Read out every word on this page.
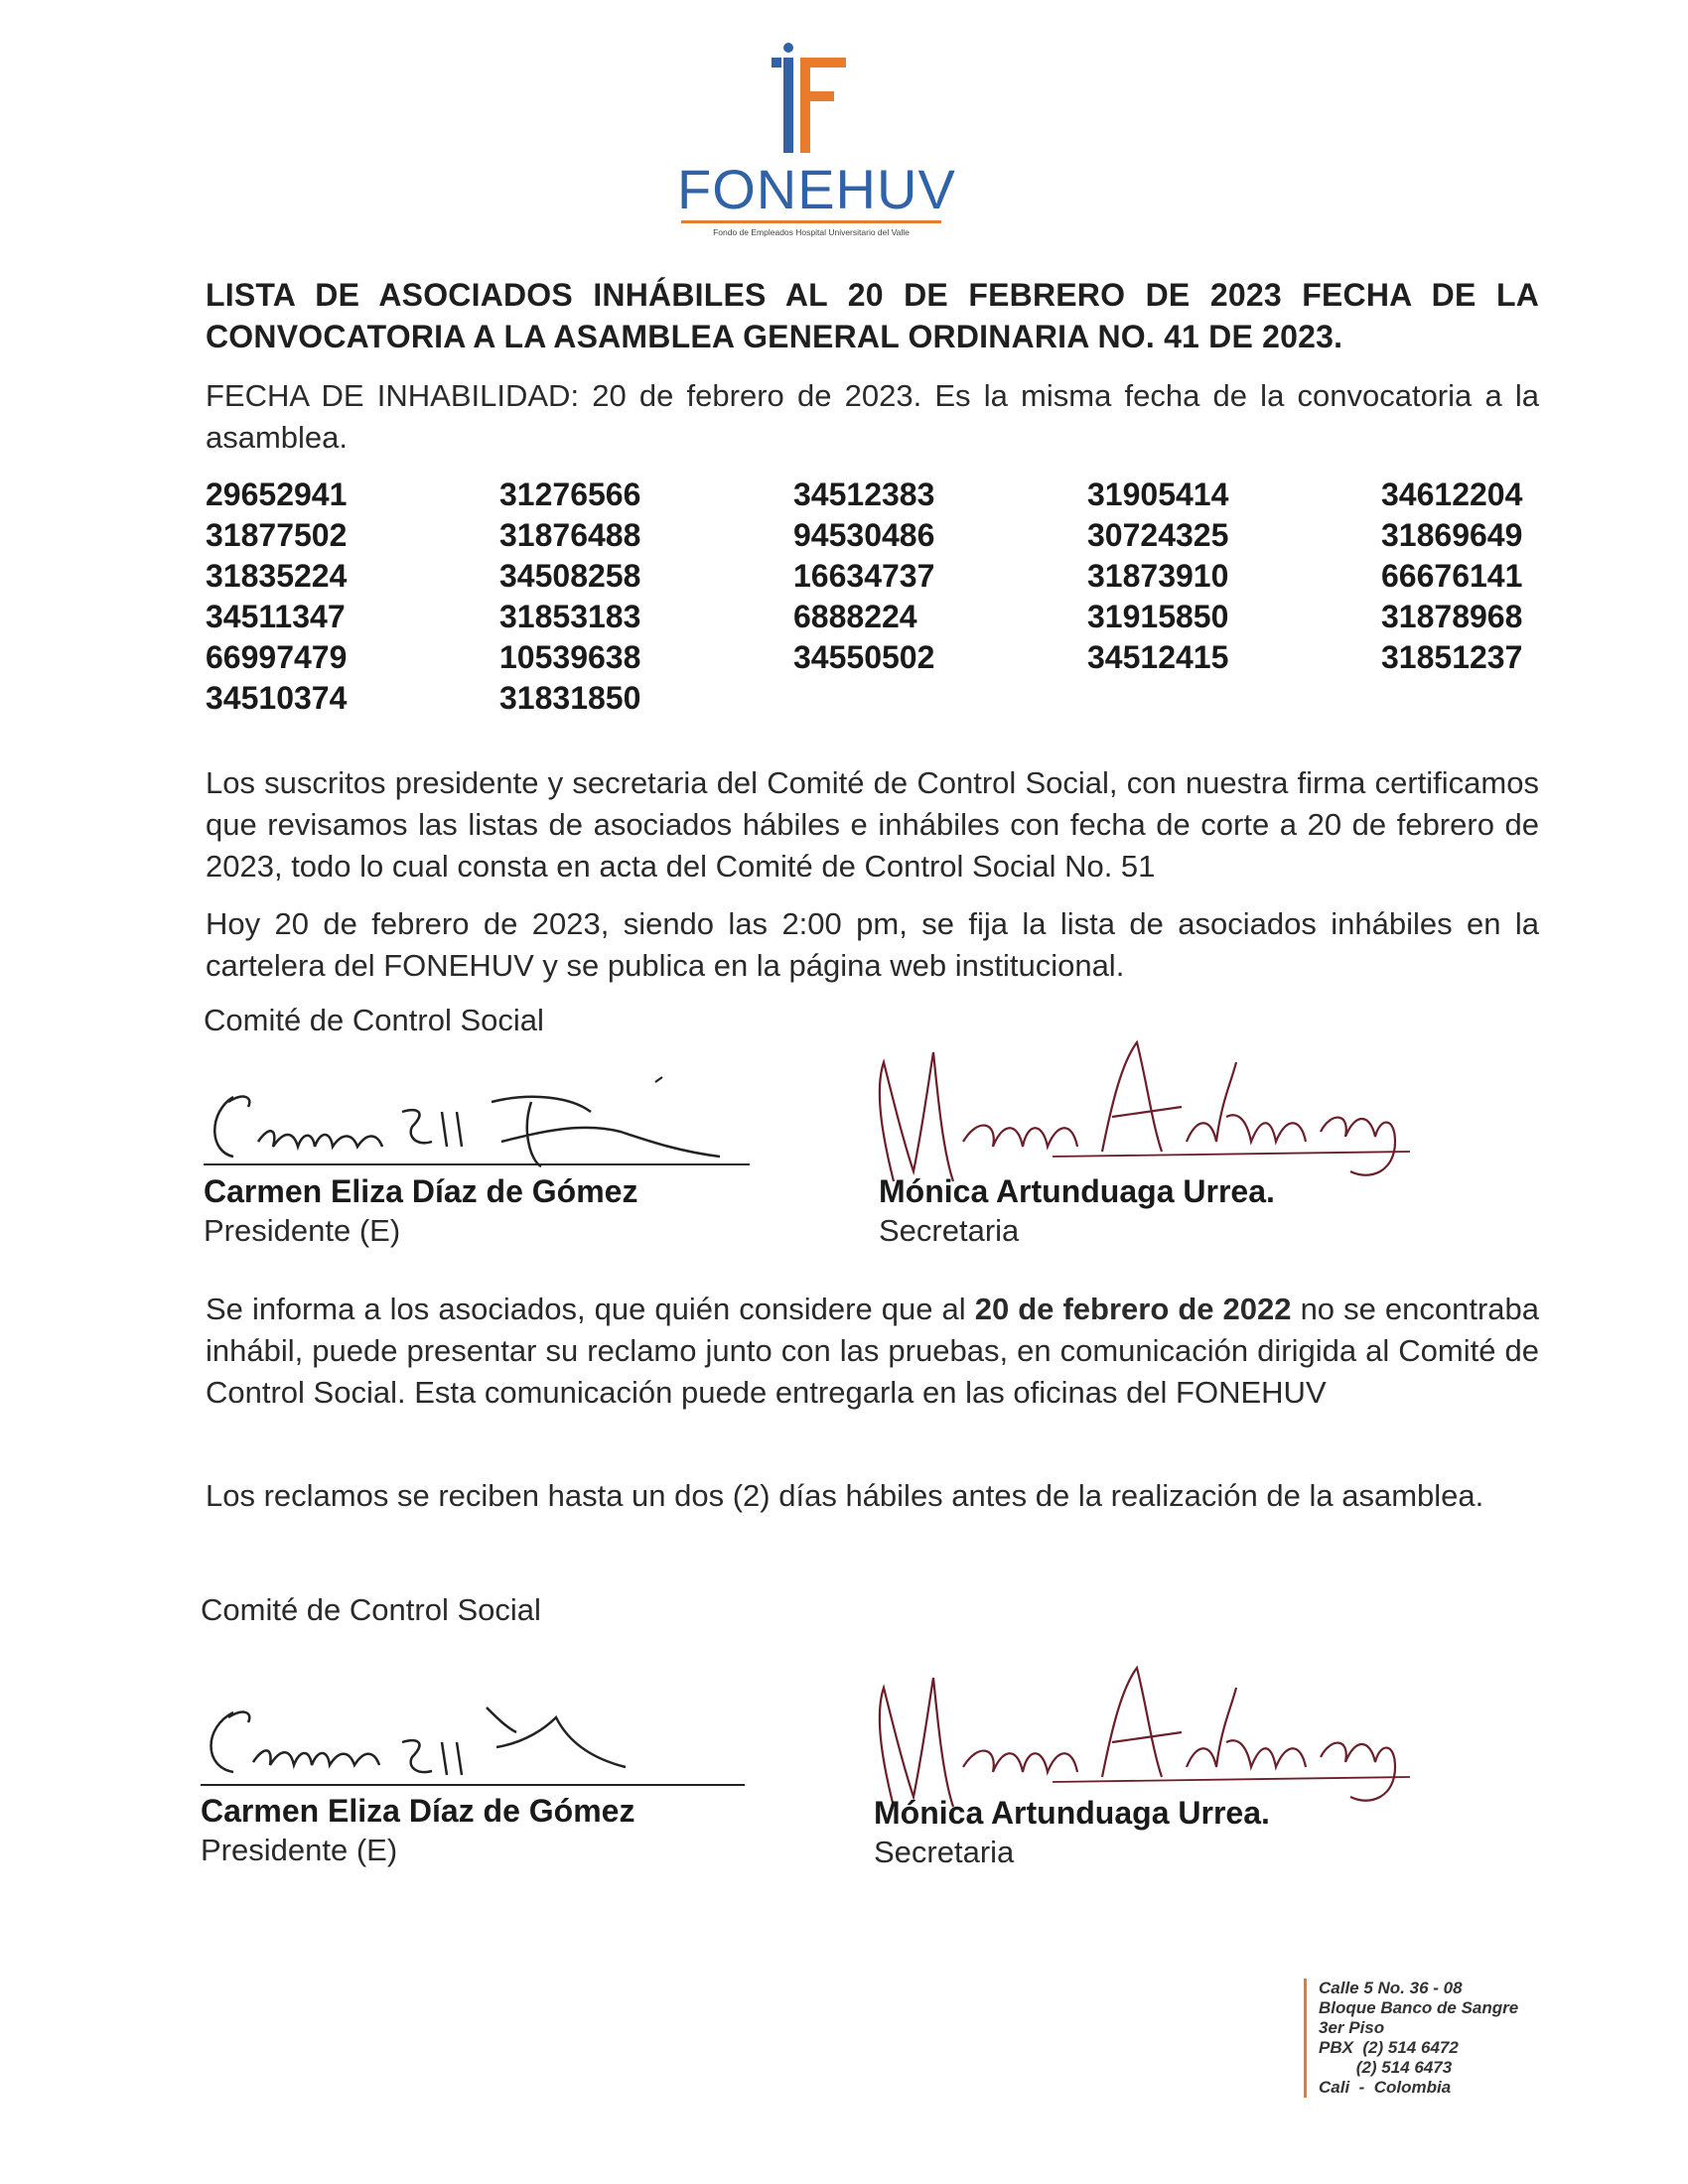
FONEHUV
Fondo de Empleados Hospital Universitario del Valle
LISTA DE ASOCIADOS INHÁBILES AL 20 DE FEBRERO DE 2023 FECHA DE LA CONVOCATORIA A LA ASAMBLEA GENERAL ORDINARIA NO. 41 DE 2023.
FECHA DE INHABILIDAD: 20 de febrero de 2023. Es la misma fecha de la convocatoria a la asamblea.
29652941	31276566	34512383	31905414	34612204
31877502	31876488	94530486	30724325	31869649
31835224	34508258	16634737	31873910	66676141
34511347	31853183	6888224	31915850	31878968
66997479	10539638	34550502	34512415	31851237
34510374	31831850
Los suscritos presidente y secretaria del Comité de Control Social, con nuestra firma certificamos que revisamos las listas de asociados hábiles e inhábiles con fecha de corte a 20 de febrero de 2023, todo lo cual consta en acta del Comité de Control Social No. 51
Hoy 20 de febrero de 2023, siendo las 2:00 pm, se fija la lista de asociados inhábiles en la cartelera del FONEHUV y se publica en la página web institucional.
Comité de Control Social
Carmen Eliza Díaz de Gómez
Presidente (E)
Mónica Artunduaga Urrea.
Secretaria
Se informa a los asociados, que quién considere que al 20 de febrero de 2022 no se encontraba inhábil, puede presentar su reclamo junto con las pruebas, en comunicación dirigida al Comité de Control Social. Esta comunicación puede entregarla en las oficinas del FONEHUV
Los reclamos se reciben hasta un dos (2) días hábiles antes de la realización de la asamblea.
Comité de Control Social
Carmen Eliza Díaz de Gómez
Presidente (E)
Mónica Artunduaga Urrea.
Secretaria
Calle 5 No. 36 - 08
Bloque Banco de Sangre
3er Piso
PBX  (2) 514 6472
(2) 514 6473
Cali  -  Colombia
